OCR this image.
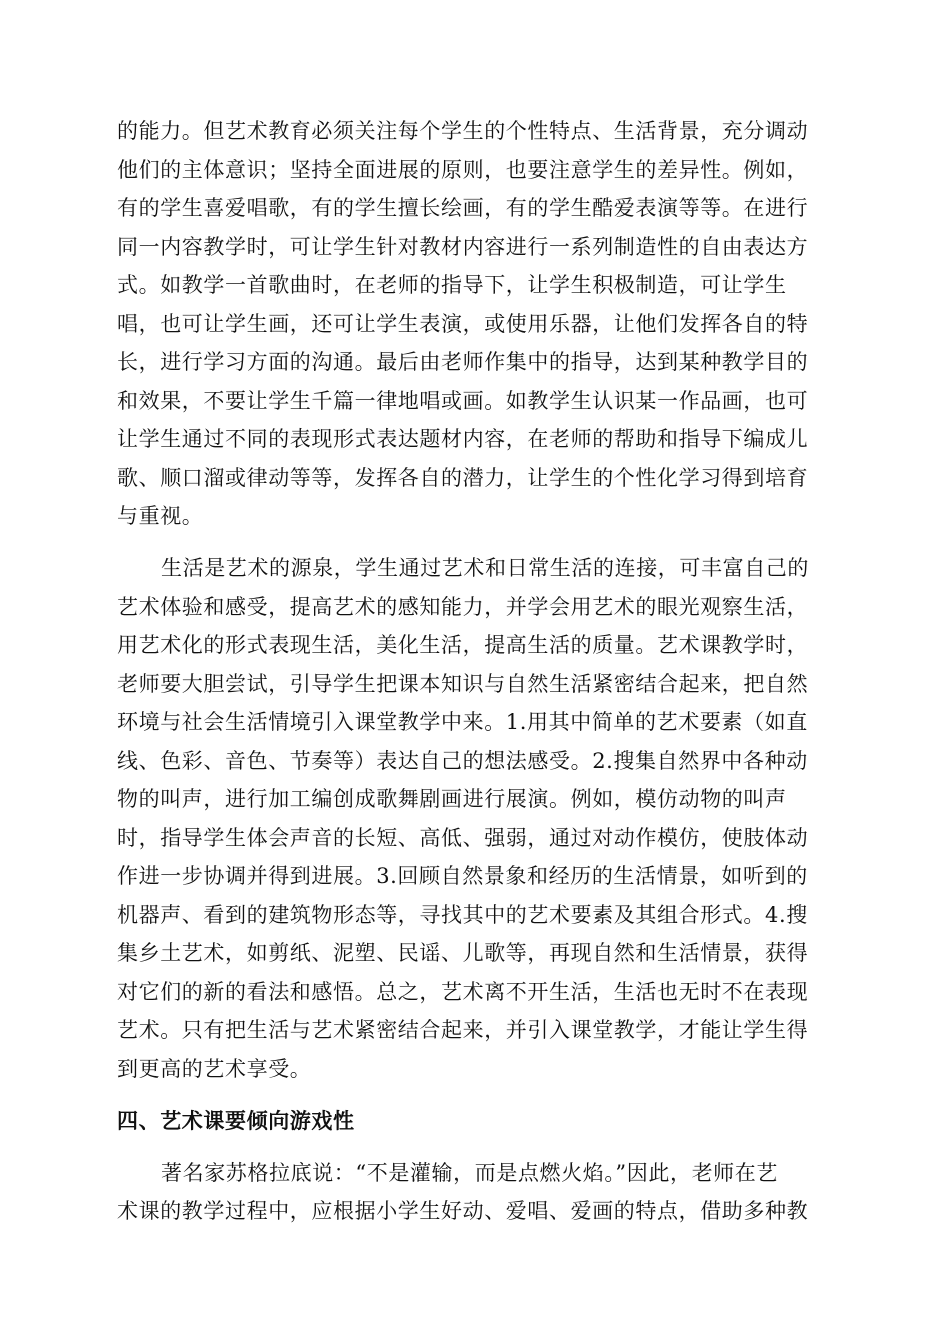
的能力。但艺术教育必须关注每个学生的个性特点、生活背景，充分调动
他们的主体意识；坚持全面进展的原则，也要注意学生的差异性。例如，
有的学生喜爱唱歌，有的学生擅长绘画，有的学生酷爱表演等等。在进行
同一内容教学时，可让学生针对教材内容进行一系列制造性的自由表达方
式。如教学一首歌曲时，在老师的指导下，让学生积极制造，可让学生
唱，也可让学生画，还可让学生表演，或使用乐器，让他们发挥各自的特
长，进行学习方面的沟通。最后由老师作集中的指导，达到某种教学目的
和效果，不要让学生千篇一律地唱或画。如教学生认识某一作品画，也可
让学生通过不同的表现形式表达题材内容，在老师的帮助和指导下编成儿
歌、顺口溜或律动等等，发挥各自的潜力，让学生的个性化学习得到培育
与重视。
生活是艺术的源泉，学生通过艺术和日常生活的连接，可丰富自己的
艺术体验和感受，提高艺术的感知能力，并学会用艺术的眼光观察生活，
用艺术化的形式表现生活，美化生活，提高生活的质量。艺术课教学时，
老师要大胆尝试，引导学生把课本知识与自然生活紧密结合起来，把自然
环境与社会生活情境引入课堂教学中来。1.用其中简单的艺术要素（如直
线、色彩、音色、节奏等）表达自己的想法感受。2.搜集自然界中各种动
物的叫声，进行加工编创成歌舞剧画进行展演。例如，模仿动物的叫声
时，指导学生体会声音的长短、高低、强弱，通过对动作模仿，使肢体动
作进一步协调并得到进展。3.回顾自然景象和经历的生活情景，如听到的
机器声、看到的建筑物形态等，寻找其中的艺术要素及其组合形式。4.搜
集乡土艺术，如剪纸、泥塑、民谣、儿歌等，再现自然和生活情景，获得
对它们的新的看法和感悟。总之，艺术离不开生活，生活也无时不在表现
艺术。只有把生活与艺术紧密结合起来，并引入课堂教学，才能让学生得
到更高的艺术享受。
四、艺术课要倾向游戏性
著名家苏格拉底说：“不是灌输，而是点燃火焰。”因此，老师在艺
术课的教学过程中，应根据小学生好动、爱唱、爱画的特点，借助多种教
